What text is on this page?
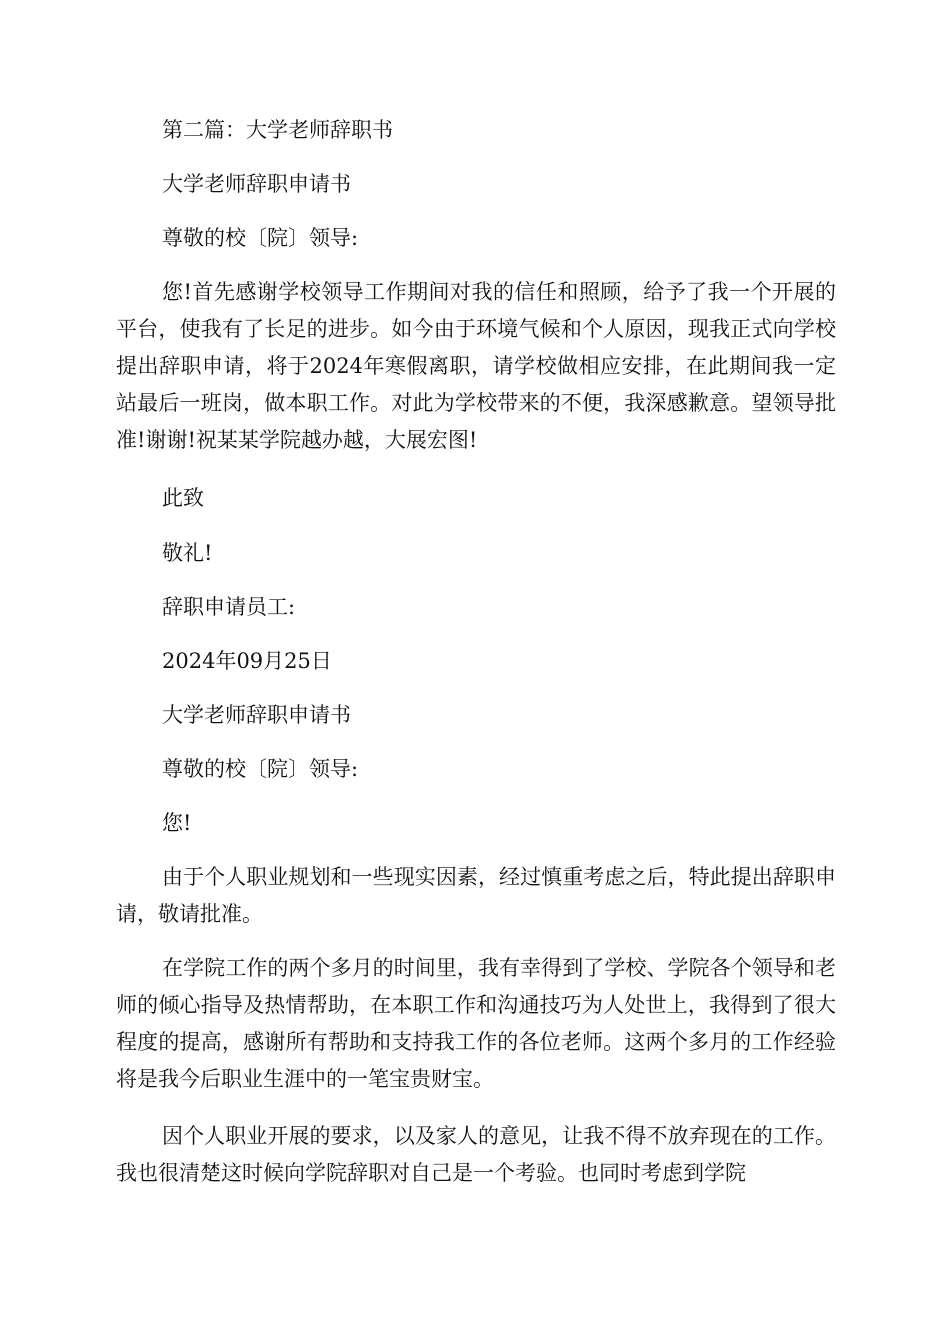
第二篇：大学老师辞职书

大学老师辞职申请书

尊敬的校〔院〕领导:

您!首先感谢学校领导工作期间对我的信任和照顾，给予了我一个开展的平台，使我有了长足的进步。如今由于环境气候和个人原因，现我正式向学校提出辞职申请，将于2024年寒假离职，请学校做相应安排，在此期间我一定站最后一班岗，做本职工作。对此为学校带来的不便，我深感歉意。望领导批准!谢谢!祝某某学院越办越，大展宏图!

此致

敬礼!

辞职申请员工:

2024年09月25日

大学老师辞职申请书

尊敬的校〔院〕领导:

您!

由于个人职业规划和一些现实因素，经过慎重考虑之后，特此提出辞职申请，敬请批准。

在学院工作的两个多月的时间里，我有幸得到了学校、学院各个领导和老师的倾心指导及热情帮助，在本职工作和沟通技巧为人处世上，我得到了很大程度的提高，感谢所有帮助和支持我工作的各位老师。这两个多月的工作经验将是我今后职业生涯中的一笔宝贵财宝。

因个人职业开展的要求，以及家人的意见，让我不得不放弃现在的工作。我也很清楚这时候向学院辞职对自己是一个考验。也同时考虑到学院
